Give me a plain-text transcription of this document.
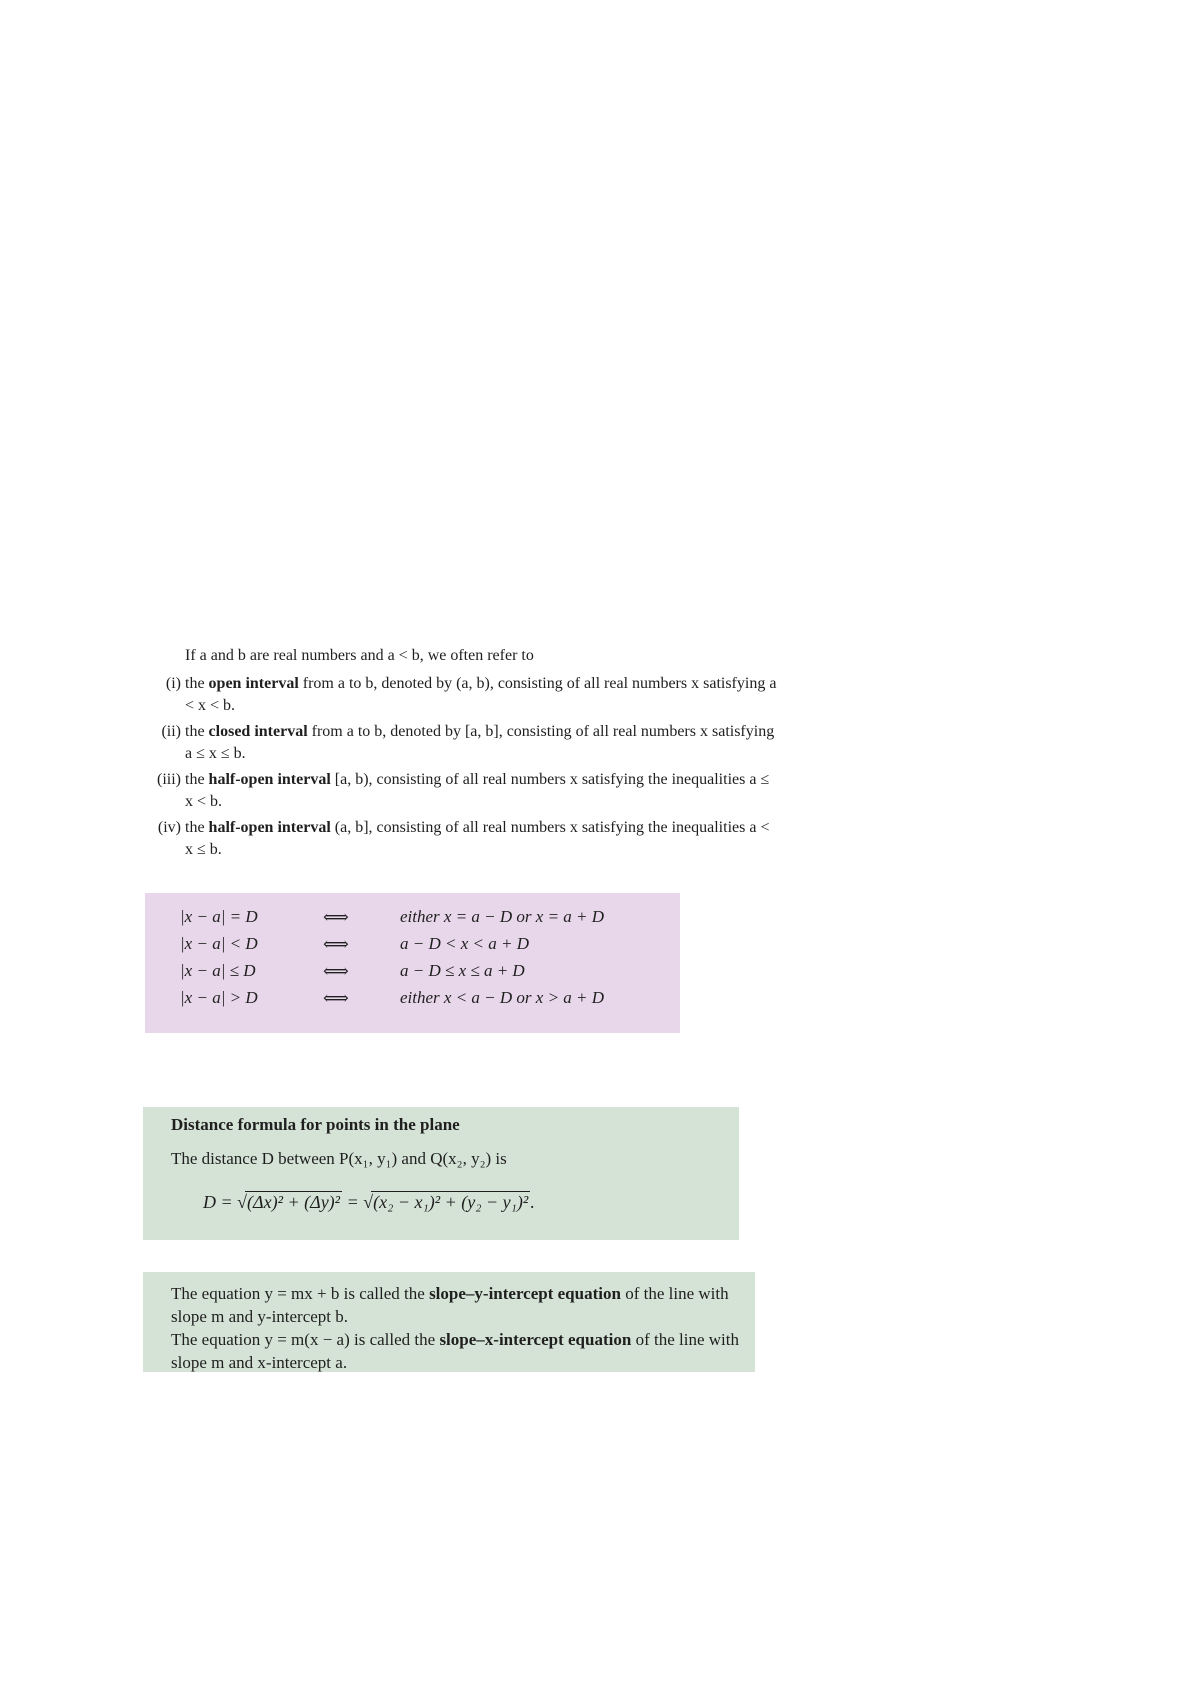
If a and b are real numbers and a < b, we often refer to

(i) the open interval from a to b, denoted by (a, b), consisting of all real numbers x satisfying a < x < b.
(ii) the closed interval from a to b, denoted by [a, b], consisting of all real numbers x satisfying a ≤ x ≤ b.
(iii) the half-open interval [a, b), consisting of all real numbers x satisfying the inequalities a ≤ x < b.
(iv) the half-open interval (a, b], consisting of all real numbers x satisfying the inequalities a < x ≤ b.
|x − a| = D	⟺	either x = a − D or x = a + D
|x − a| < D	⟺	a − D < x < a + D
|x − a| ≤ D	⟺	a − D ≤ x ≤ a + D
|x − a| > D	⟺	either x < a − D or x > a + D
Distance formula for points in the plane
The distance D between P(x₁, y₁) and Q(x₂, y₂) is
D = √(Δx)² + (Δy)² = √(x₂ − x₁)² + (y₂ − y₁)² .
The equation y = mx + b is called the slope–y-intercept equation of the line with slope m and y-intercept b.
The equation y = m(x − a) is called the slope–x-intercept equation of the line with slope m and x-intercept a.
